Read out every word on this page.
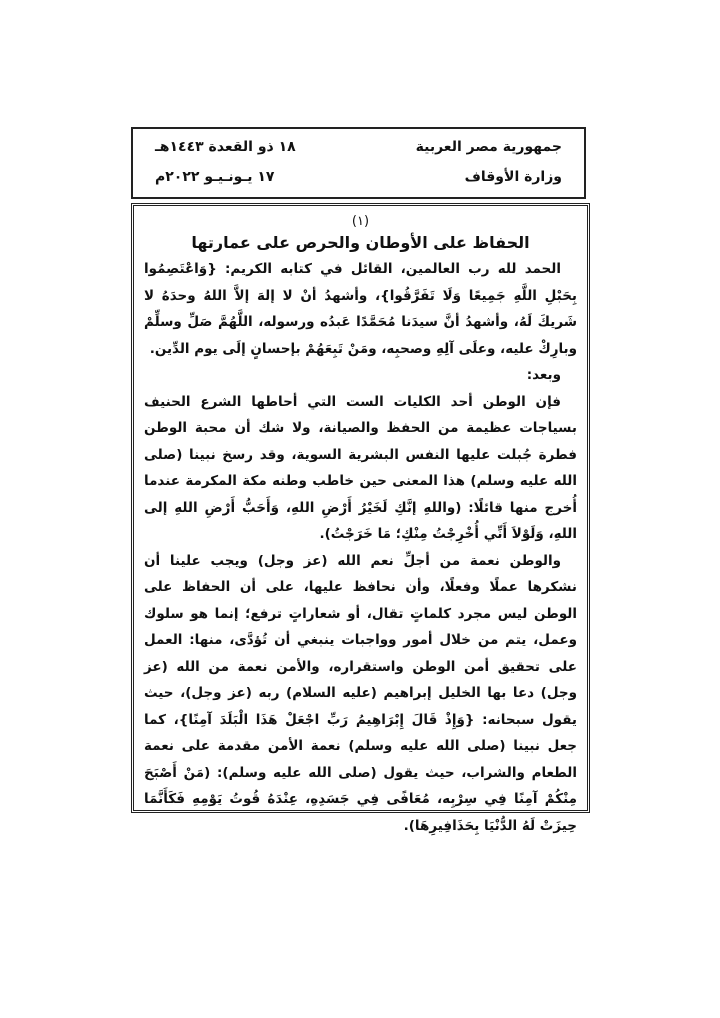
جمهورية مصر العربية
وزارة الأوقاف
١٨ ذو القعدة ١٤٤٣هـ
١٧ يـونـيـو ٢٠٢٢م
(١)
الحفاظ على الأوطان والحرص على عمارتها

الحمد لله رب العالمين، القائل في كتابه الكريم: {وَاعْتَصِمُوا بِحَبْلِ اللَّهِ جَمِيعًا وَلَا تَفَرَّقُوا}، وأشهدُ أنْ لا إلهَ إلاَّ اللهُ وحدَهُ لا شَريكَ لَهُ، وأشهدُ أنَّ سيدَنا مُحَمَّدًا عَبدُه ورسوله، اللَّهُمَّ صَلِّ وسلِّمْ وبارِكْ عليه، وعلَى آلِهِ وصحبِه، ومَنْ تَبِعَهُمْ بإحسانٍ إلَى يوم الدِّين.

وبعد:

فإن الوطن أحد الكليات الست التي أحاطها الشرع الحنيف بسياجات عظيمة من الحفظ والصيانة، ولا شك أن محبة الوطن فطرة جُبلت عليها النفس البشرية السوية، وقد رسخ نبينا (صلى الله عليه وسلم) هذا المعنى حين خاطب وطنه مكة المكرمة عندما أُخرج منها قائلًا: (واللهِ إنَّكِ لَخَيْرُ أَرْضِ اللهِ، وَأَحَبُّ أَرْضِ اللهِ إلى اللهِ، وَلَوْلاَ أَنِّي أُخْرِجْتُ مِنْكِ؛ مَا خَرَجْتُ).

والوطن نعمة من أجلِّ نعم الله (عز وجل) ويجب علينا أن نشكرها عملًا وفعلًا، وأن نحافظ عليها، على أن الحفاظ على الوطن ليس مجرد كلماتٍ تقال، أو شعاراتٍ ترفع؛ إنما هو سلوك وعمل، يتم من خلال أمور وواجبات ينبغي أن تُؤدَّى، منها: العمل على تحقيق أمن الوطن واستقراره، والأمن نعمة من الله (عز وجل) دعا بها الخليل إبراهيم (عليه السلام) ربه (عز وجل)، حيث يقول سبحانه: {وَإِذْ قَالَ إِبْرَاهِيمُ رَبِّ اجْعَلْ هَذَا الْبَلَدَ آمِنًا}، كما جعل نبينا (صلى الله عليه وسلم) نعمة الأمن مقدمة على نعمة الطعام والشراب، حيث يقول (صلى الله عليه وسلم): (مَنْ أَصْبَحَ مِنْكُمْ آمِنًا فِي سِرْبِه، مُعَافًى فِي جَسَدِهِ، عِنْدَهُ قُوتُ يَوْمِهِ فَكَأَنَّمَا حِيزَتْ لَهُ الدُّنْيَا بِحَذَافِيرِهَا).
